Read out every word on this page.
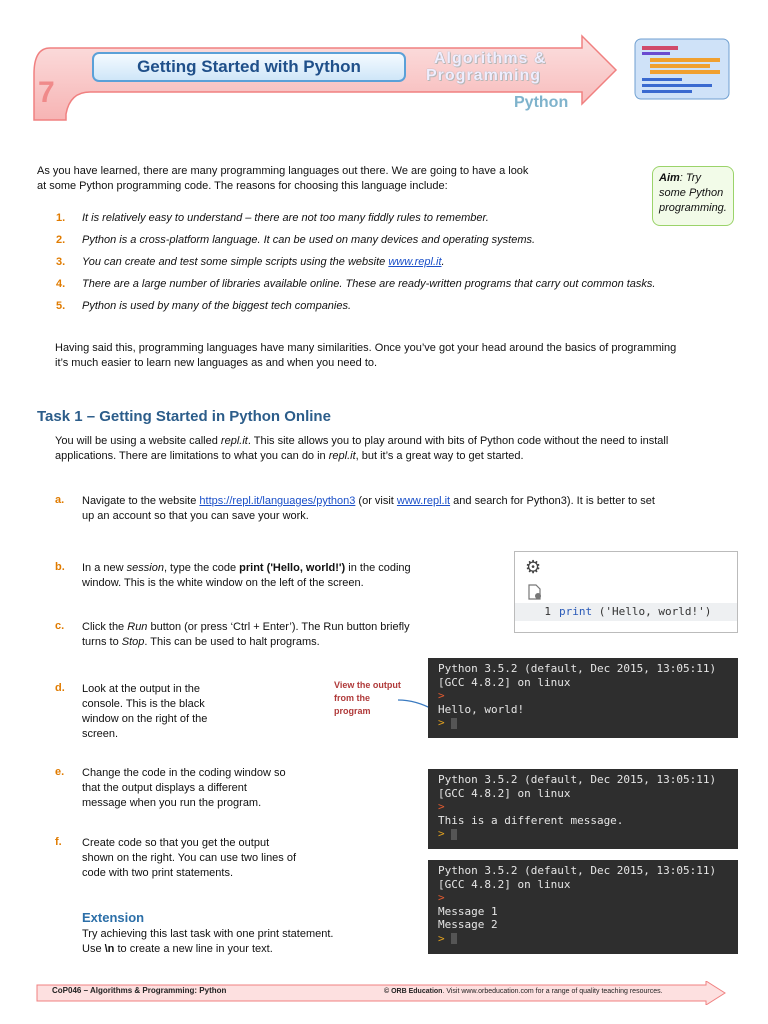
7
Getting Started with Python	Algorithms &
Programming
Python
Aim: Try some Python programming.
As you have learned, there are many programming languages out there. We are going to have a look
at some Python programming code. The reasons for choosing this language include:
1. It is relatively easy to understand – there are not too many fiddly rules to remember.
2. Python is a cross-platform language. It can be used on many devices and operating systems.
3. You can create and test some simple scripts using the website www.repl.it.
4. There are a large number of libraries available online. These are ready-written programs that carry out common tasks.
5. Python is used by many of the biggest tech companies.
Having said this, programming languages have many similarities. Once you’ve got your head around the basics of programming
it’s much easier to learn new languages as and when you need to.
Task 1 – Getting Started in Python Online
You will be using a website called repl.it. This site allows you to play around with bits of Python code without the need to install
applications. There are limitations to what you can do in repl.it, but it’s a great way to get started.
a. Navigate to the website https://repl.it/languages/python3 (or visit www.repl.it and search for Python3). It is better to set
up an account so that you can save your work.
b. In a new session, type the code print ('Hello, world!') in the coding
window. This is the white window on the left of the screen.
⚙
1 print ('Hello, world!')
c. Click the Run button (or press ‘Ctrl + Enter’). The Run button briefly
turns to Stop. This can be used to halt programs.
d. Look at the output in the
console. This is the black
window on the right of the
screen.
View the output from the program
Python 3.5.2 (default, Dec 2015, 13:05:11)
[GCC 4.8.2] on linux
>
Hello, world!
>
e. Change the code in the coding window so
that the output displays a different
message when you run the program.
Python 3.5.2 (default, Dec 2015, 13:05:11)
[GCC 4.8.2] on linux
>
This is a different message.
>
f. Create code so that you get the output
shown on the right. You can use two lines of
code with two print statements.	Python 3.5.2 (default, Dec 2015, 13:05:11)
[GCC 4.8.2] on linux
>
Message 1
Message 2
>
Extension
Try achieving this last task with one print statement.
Use \n to create a new line in your text.
CoP046 – Algorithms & Programming: Python	© ORB Education. Visit www.orbeducation.com for a range of quality teaching resources.
